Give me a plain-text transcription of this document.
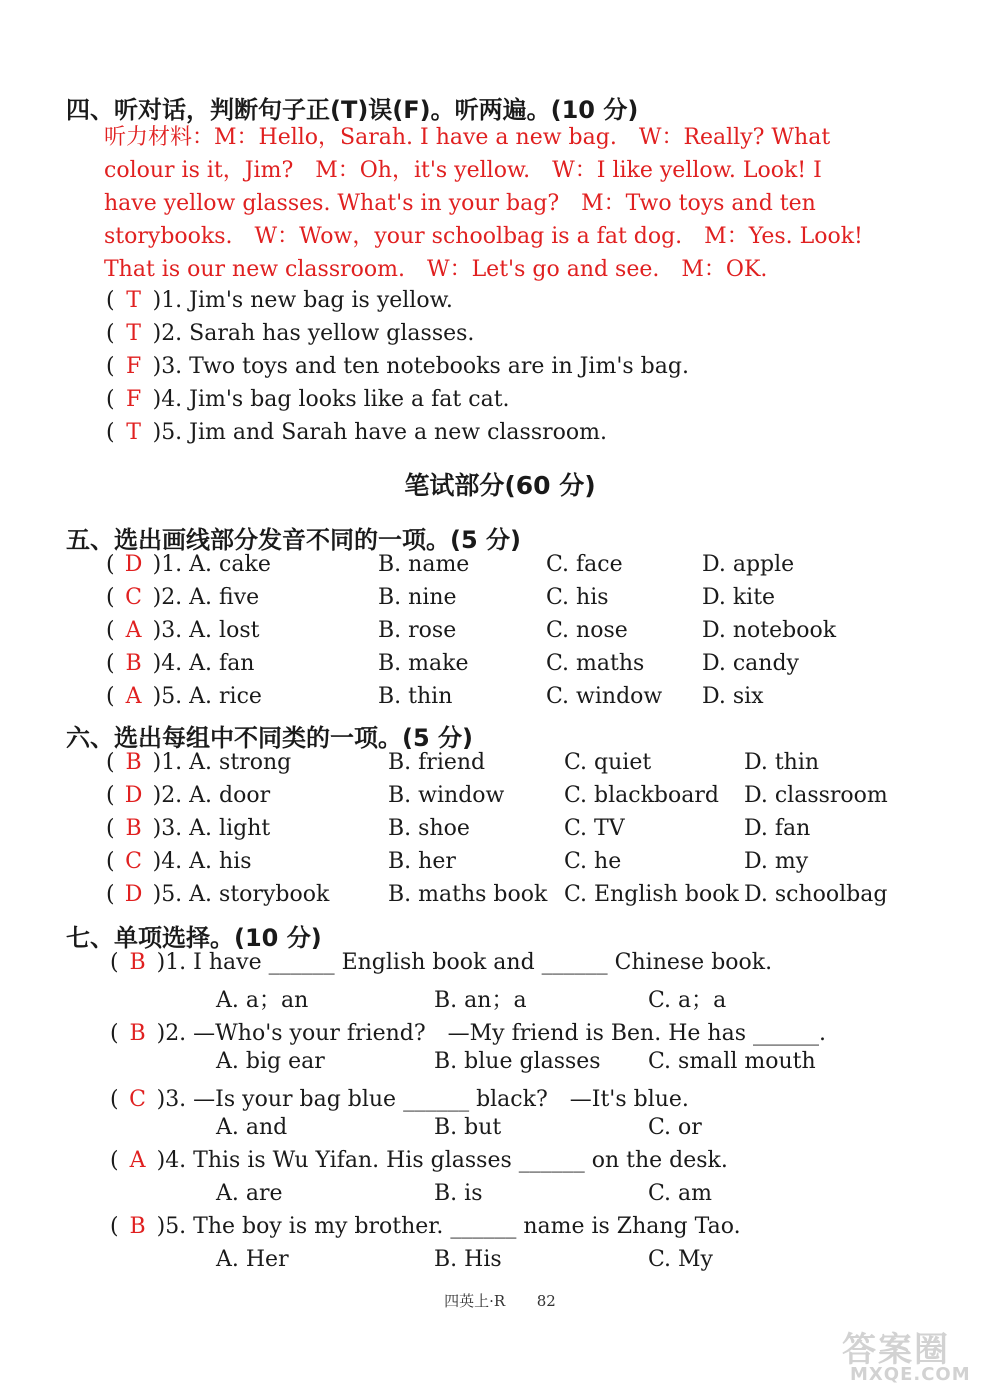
四、听对话，判断句子正(T)误(F)。听两遍。(10 分)
听力材料：M：Hello，Sarah. I have a new bag.　W：Really? What
colour is it，Jim?　M：Oh，it's yellow.　W：I like yellow. Look! I
have yellow glasses. What's in your bag?　M：Two toys and ten
storybooks.　W：Wow，your schoolbag is a fat dog.　M：Yes. Look!
That is our new classroom.　W：Let's go and see.　M：OK.
( T )1. Jim's new bag is yellow.
( T )2. Sarah has yellow glasses.
( F )3. Two toys and ten notebooks are in Jim's bag.
( F )4. Jim's bag looks like a fat cat.
( T )5. Jim and Sarah have a new classroom.
笔试部分(60 分)
五、选出画线部分发音不同的一项。(5 分)
( D )1. A. cake	B. name	C. face	D. apple
( C )2. A. five	B. nine	C. his	D. kite
( A )3. A. lost	B. rose	C. nose	D. notebook
( B )4. A. fan	B. make	C. maths	D. candy
( A )5. A. rice	B. thin	C. window D. six
六、选出每组中不同类的一项。(5 分)
( B )1. A. strong	B. friend	C. quiet	D. thin
( D )2. A. door	B. window	C. blackboard D. classroom
( B )3. A. light	B. shoe	C. TV	D. fan
( C )4. A. his	B. her	C. he	D. my
( D )5. A. storybook	B. maths book C. English book D. schoolbag
七、单项选择。(10 分)
( B )1. I have ______ English book and ______ Chinese book.
A. a；an	B. an；a	C. a；a
( B )2. —Who's your friend?　—My friend is Ben. He has ______.
A. big ear	B. blue glasses C. small mouth
( C )3. —Is your bag blue ______ black?　—It's blue.
A. and	B. but	C. or
( A )4. This is Wu Yifan. His glasses ______ on the desk.
A. are	B. is	C. am
( B )5. The boy is my brother. ______ name is Zhang Tao.
A. Her	B. His	C. My
四英上·R 82
答案圈
MXQE.COM
